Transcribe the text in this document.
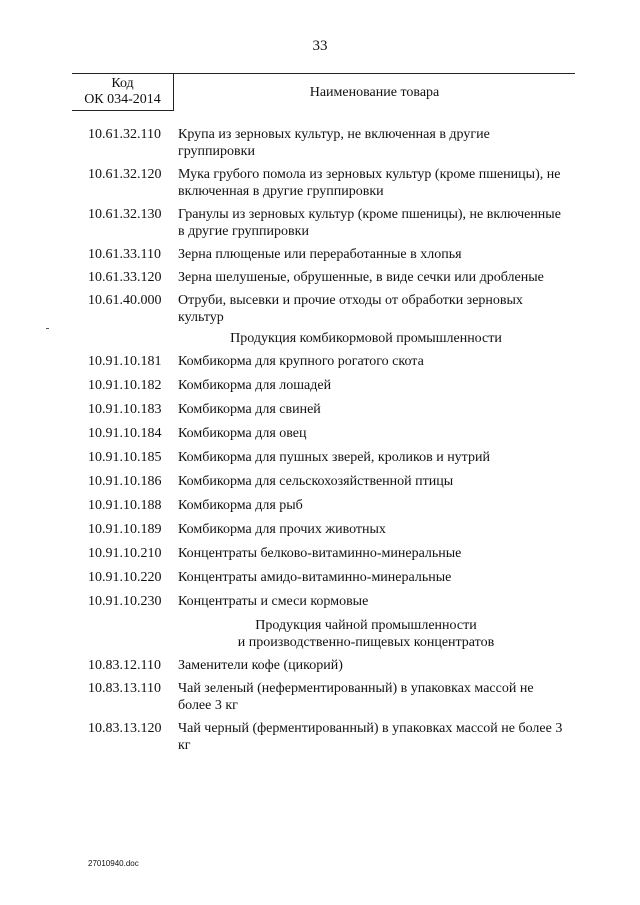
33
Код
ОК 034-2014	Наименование товара
10.61.32.110	Крупа из зерновых культур, не включенная в другие группировки
10.61.32.120	Мука грубого помола из зерновых культур (кроме пшеницы), не включенная в другие группировки
10.61.32.130	Гранулы из зерновых культур (кроме пшеницы), не включенные в другие группировки
10.61.33.110	Зерна плющеные или переработанные в хлопья
10.61.33.120	Зерна шелушеные, обрушенные, в виде сечки или дробленые
10.61.40.000	Отруби, высевки и прочие отходы от обработки зерновых культур
Продукция комбикормовой промышленности
10.91.10.181	Комбикорма для крупного рогатого скота
10.91.10.182	Комбикорма для лошадей
10.91.10.183	Комбикорма для свиней
10.91.10.184	Комбикорма для овец
10.91.10.185	Комбикорма для пушных зверей, кроликов и нутрий
10.91.10.186	Комбикорма для сельскохозяйственной птицы
10.91.10.188	Комбикорма для рыб
10.91.10.189	Комбикорма для прочих животных
10.91.10.210	Концентраты белково-витаминно-минеральные
10.91.10.220	Концентраты амидо-витаминно-минеральные
10.91.10.230	Концентраты и смеси кормовые
Продукция чайной промышленности
и производственно-пищевых концентратов
10.83.12.110	Заменители кофе (цикорий)
10.83.13.110	Чай зеленый (неферментированный) в упаковках массой не более 3 кг
10.83.13.120	Чай черный (ферментированный) в упаковках массой не более 3 кг
27010940.doc
